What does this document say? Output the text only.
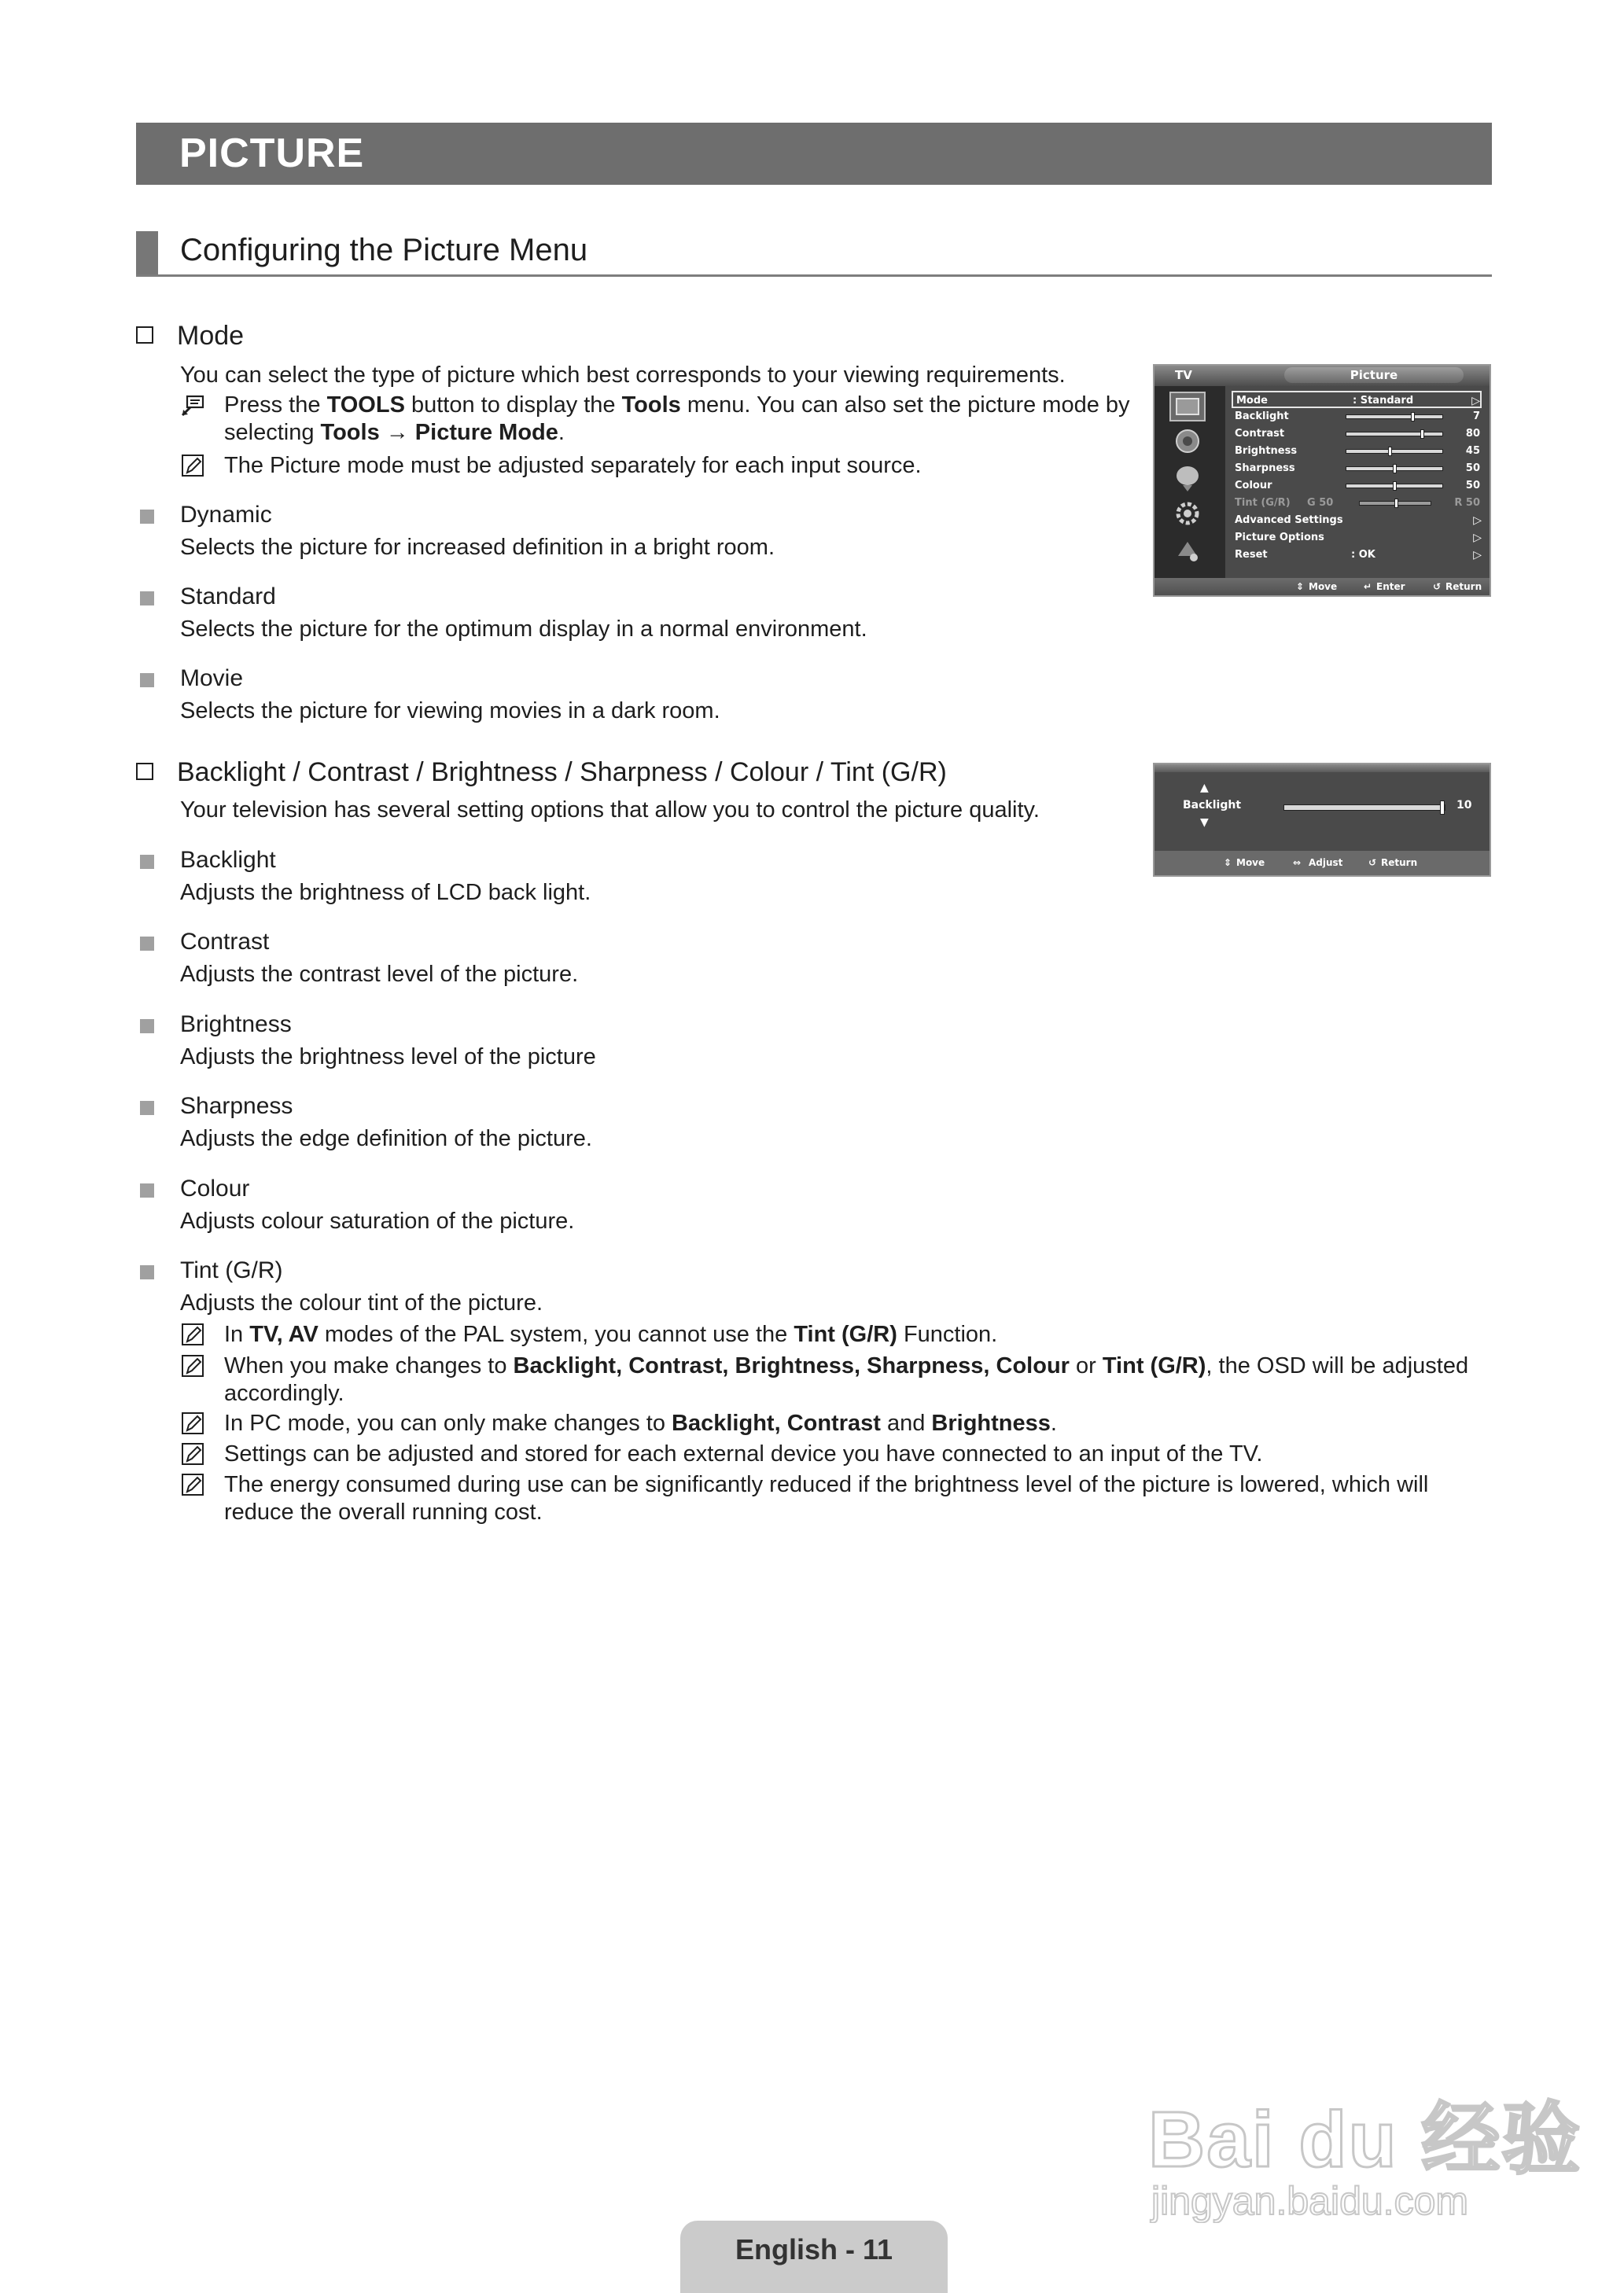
PICTURE
Configuring the Picture Menu
Mode
You can select the type of picture which best corresponds to your viewing requirements.
Press the TOOLS button to display the Tools menu. You can also set the picture mode by selecting Tools → Picture Mode.
The Picture mode must be adjusted separately for each input source.
Dynamic
Selects the picture for increased definition in a bright room.
Standard
Selects the picture for the optimum display in a normal environment.
Movie
Selects the picture for viewing movies in a dark room.
Backlight / Contrast / Brightness / Sharpness / Colour / Tint (G/R)
Your television has several setting options that allow you to control the picture quality.
Backlight
Adjusts the brightness of LCD back light.
Contrast
Adjusts the contrast level of the picture.
Brightness
Adjusts the brightness level of the picture
Sharpness
Adjusts the edge definition of the picture.
Colour
Adjusts colour saturation of the picture.
Tint (G/R)
Adjusts the colour tint of the picture.
In TV, AV modes of the PAL system, you cannot use the Tint (G/R) Function.
When you make changes to Backlight, Contrast, Brightness, Sharpness, Colour or Tint (G/R), the OSD will be adjusted accordingly.
In PC mode, you can only make changes to Backlight, Contrast and Brightness.
Settings can be adjusted and stored for each external device you have connected to an input of the TV.
The energy consumed during use can be significantly reduced if the brightness level of the picture is lowered, which will reduce the overall running cost.
TV	Picture
Mode	: Standard	▷
Backlight	7
Contrast	80
Brightness	45
Sharpness	50
Colour	50
Tint (G/R) G 50	R 50
Advanced Settings	▷
Picture Options	▷
Reset	: OK	▷
⇕ Move	↵ Enter	↺ Return
▲
Backlight
▼
10
⇕ Move	⇔ Adjust	↺ Return
Bai du 经验
jingyan.baidu.com
English - 11
